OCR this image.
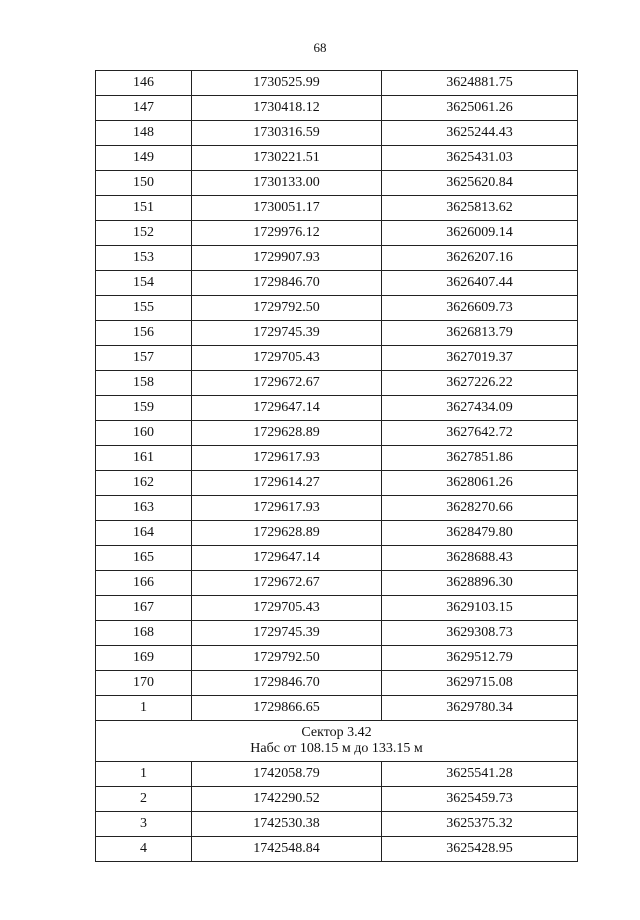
68
146	1730525.99	3624881.75
147	1730418.12	3625061.26
148	1730316.59	3625244.43
149	1730221.51	3625431.03
150	1730133.00	3625620.84
151	1730051.17	3625813.62
152	1729976.12	3626009.14
153	1729907.93	3626207.16
154	1729846.70	3626407.44
155	1729792.50	3626609.73
156	1729745.39	3626813.79
157	1729705.43	3627019.37
158	1729672.67	3627226.22
159	1729647.14	3627434.09
160	1729628.89	3627642.72
161	1729617.93	3627851.86
162	1729614.27	3628061.26
163	1729617.93	3628270.66
164	1729628.89	3628479.80
165	1729647.14	3628688.43
166	1729672.67	3628896.30
167	1729705.43	3629103.15
168	1729745.39	3629308.73
169	1729792.50	3629512.79
170	1729846.70	3629715.08
1	1729866.65	3629780.34

Сектор 3.42
Набс от 108.15 м до 133.15 м		

1	1742058.79	3625541.28
2	1742290.52	3625459.73
3	1742530.38	3625375.32
4	1742548.84	3625428.95
